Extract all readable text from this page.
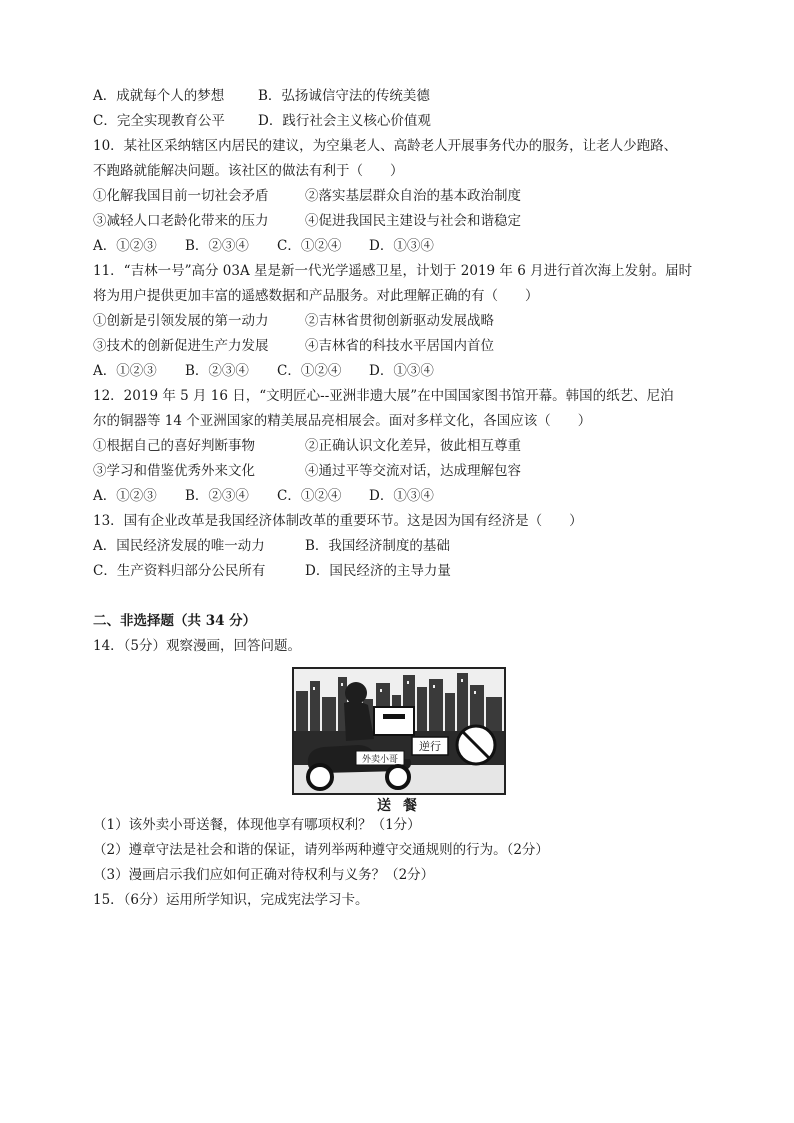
A．成就每个人的梦想	B．弘扬诚信守法的传统美德
C．完全实现教育公平 D．践行社会主义核心价值观
10．某社区采纳辖区内居民的建议，为空巢老人、高龄老人开展事务代办的服务，让老人少跑路、
不跑路就能解决问题。该社区的做法有利于（　　）
①化解我国目前一切社会矛盾	②落实基层群众自治的基本政治制度
③减轻人口老龄化带来的压力	④促进我国民主建设与社会和谐稳定
A．①②③ B．②③④ C．①②④ D．①③④
11．“吉林一号”高分 03A 星是新一代光学遥感卫星，计划于 2019 年 6 月进行首次海上发射。届时
将为用户提供更加丰富的遥感数据和产品服务。对此理解正确的有（　　）
①创新是引领发展的第一动力	②吉林省贯彻创新驱动发展战略
③技术的创新促进生产力发展	④吉林省的科技水平居国内首位
A．①②③ B．②③④ C．①②④ D．①③④
12．2019 年 5 月 16 日，“文明匠心--亚洲非遗大展”在中国国家图书馆开幕。韩国的纸艺、尼泊
尔的铜器等 14 个亚洲国家的精美展品亮相展会。面对多样文化，各国应该（　　）
①根据自己的喜好判断事物	②正确认识文化差异，彼此相互尊重
③学习和借鉴优秀外来文化	④通过平等交流对话，达成理解包容
A．①②③ B．②③④ C．①②④ D．①③④
13．国有企业改革是我国经济体制改革的重要环节。这是因为国有经济是（　　）
A．国民经济发展的唯一动力	B．我国经济制度的基础
C．生产资料归部分公民所有	D．国民经济的主导力量
二、非选择题（共 34 分）
14．（5分）观察漫画，回答问题。
逆行
外卖小哥
送餐
（1）该外卖小哥送餐，体现他享有哪项权利？（1分）
（2）遵章守法是社会和谐的保证，请列举两种遵守交通规则的行为。（2分）
（3）漫画启示我们应如何正确对待权利与义务？（2分）
15．（6分）运用所学知识，完成宪法学习卡。
